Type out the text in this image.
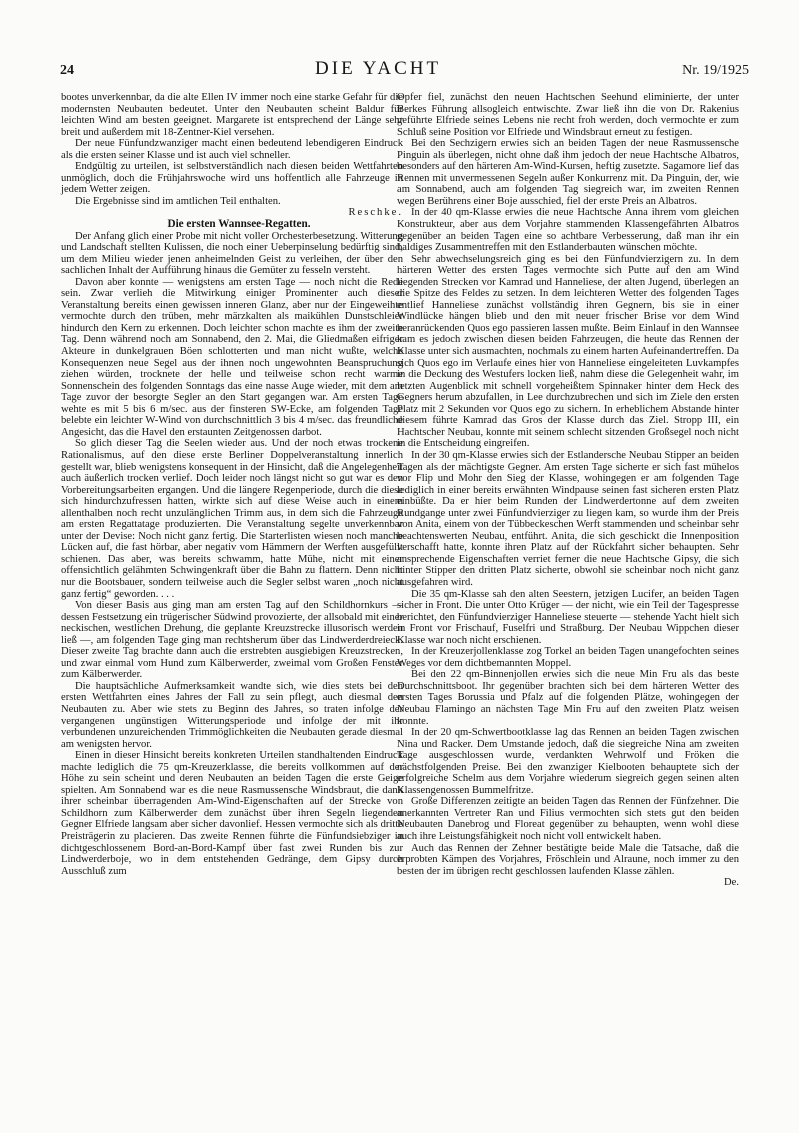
24	DIE YACHT	Nr. 19/1925

bootes unverkennbar, da die alte Ellen IV immer noch eine starke Gefahr für die modernsten Neubauten bedeutet. Unter den Neubauten scheint Baldur für leichten Wind am besten geeignet. Margarete ist entsprechend der Länge sehr breit und außerdem mit 18-Zentner-Kiel versehen.

Der neue Fünfundzwanziger macht einen bedeutend lebendigeren Eindruck als die ersten seiner Klasse und ist auch viel schneller.

Endgültig zu urteilen, ist selbstverständlich nach diesen beiden Wettfahrten unmöglich, doch die Frühjahrswoche wird uns hoffentlich alle Fahrzeuge in jedem Wetter zeigen.

Die Ergebnisse sind im amtlichen Teil enthalten.

Reschke.

Die ersten Wannsee-Regatten.

Der Anfang glich einer Probe mit nicht voller Orchesterbesetzung. Witterung und Landschaft stellten Kulissen, die noch einer Ueberpinselung bedürftig sind, um dem Milieu wieder jenen anheimelnden Geist zu verleihen, der über den sachlichen Inhalt der Aufführung hinaus die Gemüter zu fesseln versteht.

Davon aber konnte — wenigstens am ersten Tage — noch nicht die Rede sein. Zwar verlieh die Mitwirkung einiger Prominenter auch dieser Veranstaltung bereits einen gewissen inneren Glanz, aber nur der Eingeweihte vermochte durch den trüben, mehr märzkalten als maikühlen Dunstschleier hindurch den Kern zu erkennen. Doch leichter schon machte es ihm der zweite Tag. Denn während noch am Sonnabend, den 2. Mai, die Gliedmaßen eifriger Akteure in dunkelgrauen Böen schlotterten und man nicht wußte, welche Konsequenzen neue Segel aus der ihnen noch ungewohnten Beanspruchung ziehen würden, trocknete der helle und teilweise schon recht warme Sonnenschein des folgenden Sonntags das eine nasse Auge wieder, mit dem am Tage zuvor der besorgte Segler an den Start gegangen war. Am ersten Tage wehte es mit 5 bis 6 m/sec. aus der finsteren SW-Ecke, am folgenden Tage belebte ein leichter W-Wind von durchschnittlich 3 bis 4 m/sec. das freundliche Angesicht, das die Havel den erstaunten Zeitgenossen darbot.

So glich dieser Tag die Seelen wieder aus. Und der noch etwas trockene Rationalismus, auf den diese erste Berliner Doppelveranstaltung innerlich gestellt war, blieb wenigstens konsequent in der Hinsicht, daß die Angelegenheit auch äußerlich trocken verlief. Doch leider noch längst nicht so gut war es den Vorbereitungsarbeiten ergangen. Und die längere Regenperiode, durch die diese sich hindurchzufressen hatten, wirkte sich auf diese Weise auch in einem allenthalben noch recht unzulänglichen Trimm aus, in dem sich die Fahrzeuge am ersten Regattatage produzierten. Die Veranstaltung segelte unverkennbar unter der Devise: Noch nicht ganz fertig. Die Starterlisten wiesen noch manche Lücken auf, die fast hörbar, aber negativ vom Hämmern der Werften ausgefüllt schienen. Das aber, was bereits schwamm, hatte Mühe, nicht mit einer offensichtlich gelähmten Schwingenkraft über die Bahn zu flattern. Denn nicht nur die Bootsbauer, sondern teilweise auch die Segler selbst waren „noch nicht ganz fertig“ geworden. . . .

Von dieser Basis aus ging man am ersten Tag auf den Schildhornkurs — dessen Festsetzung ein trügerischer Südwind provozierte, der allsobald mit einer neckischen, westlichen Drehung, die geplante Kreuzstrecke illusorisch werden ließ —, am folgenden Tage ging man rechtsherum über das Lindwerderdreieck. Dieser zweite Tag brachte dann auch die erstrebten ausgiebigen Kreuzstrecken, und zwar einmal vom Hund zum Kälberwerder, zweimal vom Großen Fenster zum Kälberwerder.

Die hauptsächliche Aufmerksamkeit wandte sich, wie dies stets bei den ersten Wettfahrten eines Jahres der Fall zu sein pflegt, auch diesmal den Neubauten zu. Aber wie stets zu Beginn des Jahres, so traten infolge der vergangenen ungünstigen Witterungsperiode und infolge der mit ihr verbundenen unzureichenden Trimmöglichkeiten die Neubauten gerade diesmal am wenigsten hervor.

Einen in dieser Hinsicht bereits konkreten Urteilen standhaltenden Eindruck machte lediglich die 75 qm-Kreuzerklasse, die bereits vollkommen auf der Höhe zu sein scheint und deren Neubauten an beiden Tagen die erste Geige spielten. Am Sonnabend war es die neue Rasmussensche Windsbraut, die dank ihrer scheinbar überragenden Am-Wind-Eigenschaften auf der Strecke von Schildhorn zum Kälberwerder dem zunächst über ihren Segeln liegenden Gegner Elfriede langsam aber sicher davonlief. Hessen vermochte sich als dritte Preisträgerin zu placieren. Das zweite Rennen führte die Fünfundsiebziger in dichtgeschlossenem Bord-an-Bord-Kampf über fast zwei Runden bis zur Lindwerderboje, wo in dem entstehenden Gedränge, dem Gipsy durch Ausschluß zum

Opfer fiel, zunächst den neuen Hachtschen Seehund eliminierte, der unter Berkes Führung allsogleich entwischte. Zwar ließ ihn die von Dr. Rakenius geführte Elfriede seines Lebens nie recht froh werden, doch vermochte er zum Schluß seine Position vor Elfriede und Windsbraut erneut zu festigen.

Bei den Sechzigern erwies sich an beiden Tagen der neue Rasmussensche Pinguin als überlegen, nicht ohne daß ihm jedoch der neue Hachtsche Albatros, besonders auf den härteren Am-Wind-Kursen, heftig zusetzte. Sagamore lief das Rennen mit unvermessenen Segeln außer Konkurrenz mit. Da Pinguin, der, wie am Sonnabend, auch am folgenden Tag siegreich war, im zweiten Rennen wegen Berührens einer Boje ausschied, fiel der erste Preis an Albatros.

In der 40 qm-Klasse erwies die neue Hachtsche Anna ihrem vom gleichen Konstrukteur, aber aus dem Vorjahre stammenden Klassengefährten Albatros gegenüber an beiden Tagen eine so achtbare Verbesserung, daß man ihr ein baldiges Zusammentreffen mit den Estlanderbauten wünschen möchte.

Sehr abwechselungsreich ging es bei den Fünfundvierzigern zu. In dem härteren Wetter des ersten Tages vermochte sich Putte auf den am Wind liegenden Strecken vor Kamrad und Hanneliese, der alten Jugend, überlegen an die Spitze des Feldes zu setzen. In dem leichteren Wetter des folgenden Tages entlief Hanneliese zunächst vollständig ihren Gegnern, bis sie in einer Windlücke hängen blieb und den mit neuer frischer Brise vor dem Wind heranrückenden Quos ego passieren lassen mußte. Beim Einlauf in den Wannsee kam es jedoch zwischen diesen beiden Fahrzeugen, die heute das Rennen der Klasse unter sich ausmachten, nochmals zu einem harten Aufeinandertreffen. Da sich Quos ego im Verlaufe eines hier von Hanneliese eingeleiteten Luvkampfes in die Deckung des Westufers locken ließ, nahm diese die Gelegenheit wahr, im letzten Augenblick mit schnell vorgeheißtem Spinnaker hinter dem Heck des Gegners herum abzufallen, in Lee durchzubrechen und sich im Ziele den ersten Platz mit 2 Sekunden vor Quos ego zu sichern. In erheblichem Abstande hinter diesem führte Kamrad das Gros der Klasse durch das Ziel. Stropp III, ein Hachtscher Neubau, konnte mit seinem schlecht sitzenden Großsegel noch nicht in die Entscheidung eingreifen.

In der 30 qm-Klasse erwies sich der Estlandersche Neubau Stipper an beiden Tagen als der mächtigste Gegner. Am ersten Tage sicherte er sich fast mühelos vor Flip und Mohr den Sieg der Klasse, wohingegen er am folgenden Tage lediglich in einer bereits erwähnten Windpause seinen fast sicheren ersten Platz einbüßte. Da er hier beim Runden der Lindwerdertonne auf dem zweiten Rundgange unter zwei Fünfundvierziger zu liegen kam, so wurde ihm der Preis von Anita, einem von der Tübbeckeschen Werft stammenden und scheinbar sehr beachtenswerten Neubau, entführt. Anita, die sich geschickt die Innenposition verschafft hatte, konnte ihren Platz auf der Rückfahrt sicher behaupten. Sehr ansprechende Eigenschaften verriet ferner die neue Hachtsche Gipsy, die sich hinter Stipper den dritten Platz sicherte, obwohl sie scheinbar noch nicht ganz ausgefahren wird.

Die 35 qm-Klasse sah den alten Seestern, jetzigen Lucifer, an beiden Tagen sicher in Front. Die unter Otto Krüger — der nicht, wie ein Teil der Tagespresse berichtet, den Fünfundvierziger Hanneliese steuerte — stehende Yacht hielt sich in Front vor Frischauf, Fuselfri und Straßburg. Der Neubau Wippchen dieser Klasse war noch nicht erschienen.

In der Kreuzerjollenklasse zog Torkel an beiden Tagen unangefochten seines Weges vor dem dichtbemannten Moppel.

Bei den 22 qm-Binnenjollen erwies sich die neue Min Fru als das beste Durchschnittsboot. Ihr gegenüber brachten sich bei dem härteren Wetter des ersten Tages Borussia und Pfalz auf die folgenden Plätze, wohingegen der Neubau Flamingo an nächsten Tage Min Fru auf den zweiten Platz weisen konnte.

In der 20 qm-Schwertbootklasse lag das Rennen an beiden Tagen zwischen Nina und Racker. Dem Umstande jedoch, daß die siegreiche Nina am zweiten Tage ausgeschlossen wurde, verdankten Wehrwolf und Fröken die nächstfolgenden Preise. Bei den zwanziger Kielbooten behauptete sich der erfolgreiche Schelm aus dem Vorjahre wiederum siegreich gegen seinen alten Klassengenossen Bummelfritze.

Große Differenzen zeitigte an beiden Tagen das Rennen der Fünfzehner. Die anerkannten Vertreter Ran und Filius vermochten sich stets gut den beiden Neubauten Danebrog und Floreat gegenüber zu behaupten, wenn wohl diese auch ihre Leistungsfähigkeit noch nicht voll entwickelt haben.

Auch das Rennen der Zehner bestätigte beide Male die Tatsache, daß die erprobten Kämpen des Vorjahres, Fröschlein und Alraune, noch immer zu den besten der im übrigen recht geschlossen laufenden Klasse zählen.

De.
